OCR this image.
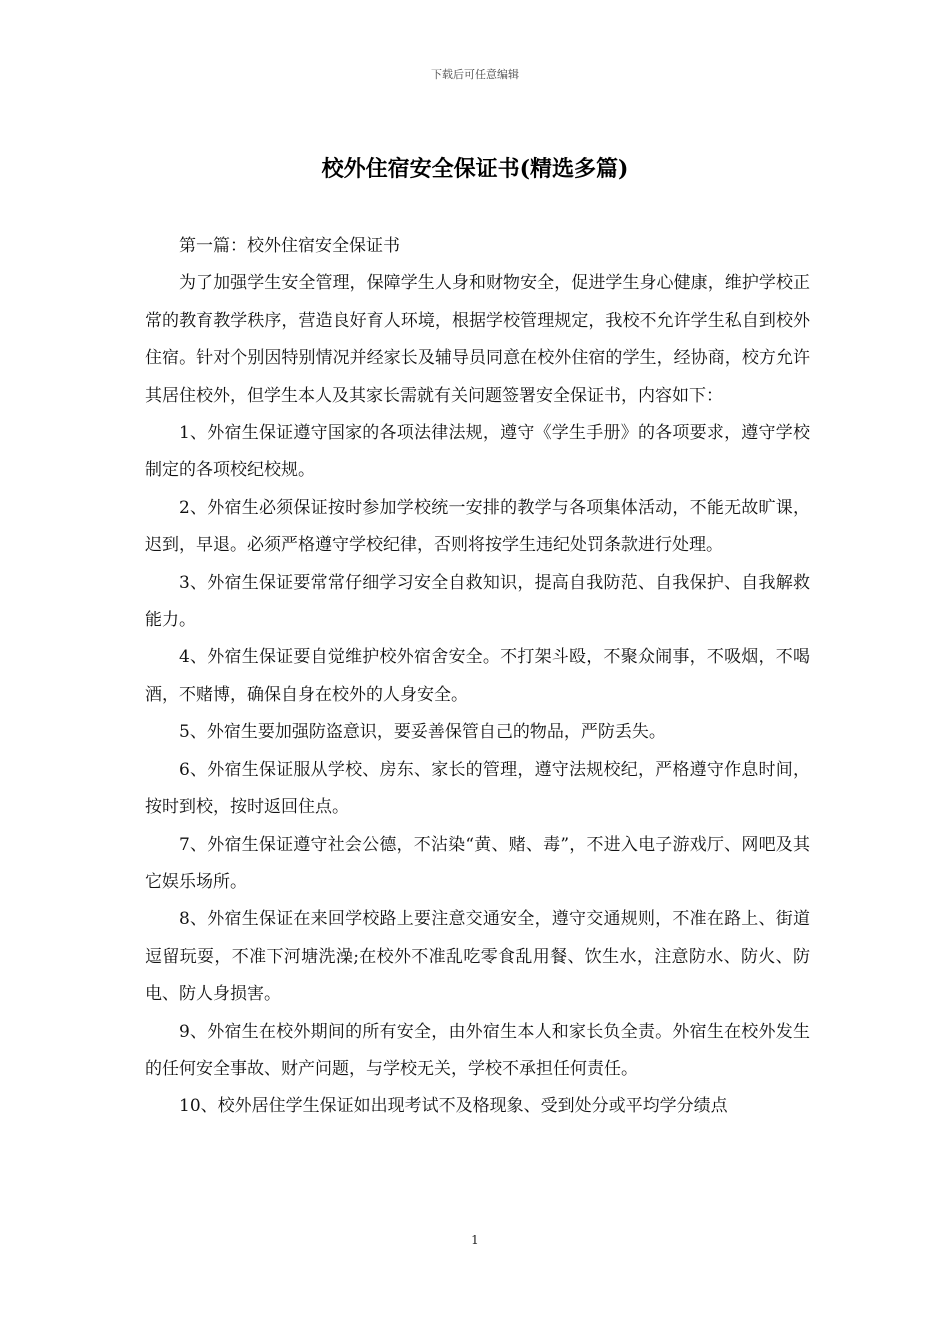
下载后可任意编辑
校外住宿安全保证书(精选多篇)

第一篇：校外住宿安全保证书

为了加强学生安全管理，保障学生人身和财物安全，促进学生身心健康，维护学校正常的教育教学秩序，营造良好育人环境，根据学校管理规定，我校不允许学生私自到校外住宿。针对个别因特别情况并经家长及辅导员同意在校外住宿的学生，经协商，校方允许其居住校外，但学生本人及其家长需就有关问题签署安全保证书，内容如下：

1、外宿生保证遵守国家的各项法律法规，遵守《学生手册》的各项要求，遵守学校制定的各项校纪校规。

2、外宿生必须保证按时参加学校统一安排的教学与各项集体活动，不能无故旷课，迟到，早退。必须严格遵守学校纪律，否则将按学生违纪处罚条款进行处理。

3、外宿生保证要常常仔细学习安全自救知识，提高自我防范、自我保护、自我解救能力。

4、外宿生保证要自觉维护校外宿舍安全。不打架斗殴，不聚众闹事，不吸烟，不喝酒，不赌博，确保自身在校外的人身安全。

5、外宿生要加强防盗意识，要妥善保管自己的物品，严防丢失。

6、外宿生保证服从学校、房东、家长的管理，遵守法规校纪，严格遵守作息时间，按时到校，按时返回住点。

7、外宿生保证遵守社会公德，不沾染“黄、赌、毒”，不进入电子游戏厅、网吧及其它娱乐场所。

8、外宿生保证在来回学校路上要注意交通安全，遵守交通规则，不准在路上、街道逗留玩耍，不准下河塘洗澡;在校外不准乱吃零食乱用餐、饮生水，注意防水、防火、防电、防人身损害。

9、外宿生在校外期间的所有安全，由外宿生本人和家长负全责。外宿生在校外发生的任何安全事故、财产问题，与学校无关，学校不承担任何责任。

10、校外居住学生保证如出现考试不及格现象、受到处分或平均学分绩点

1
